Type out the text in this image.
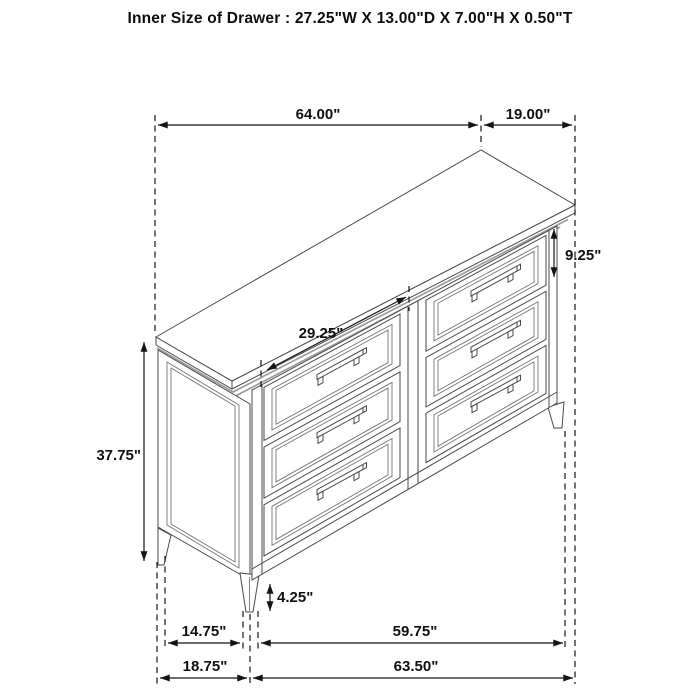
Inner Size of Drawer : 27.25"W X 13.00"D X 7.00"H X 0.50"T
64.00"	19.00"
9.25"
29.25"
37.75"
4.25"
14.75"	59.75"
18.75"	63.50"
